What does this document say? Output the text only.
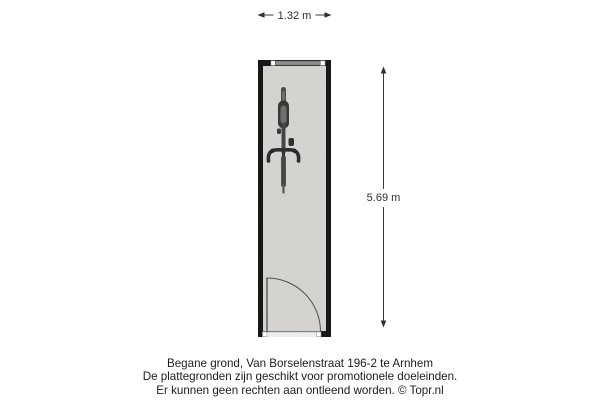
1.32 m
5.69 m

Begane grond, Van Borselenstraat 196-2 te Arnhem

De plattegronden zijn geschikt voor promotionele doeleinden.

Er kunnen geen rechten aan ontleend worden. © Topr.nl
